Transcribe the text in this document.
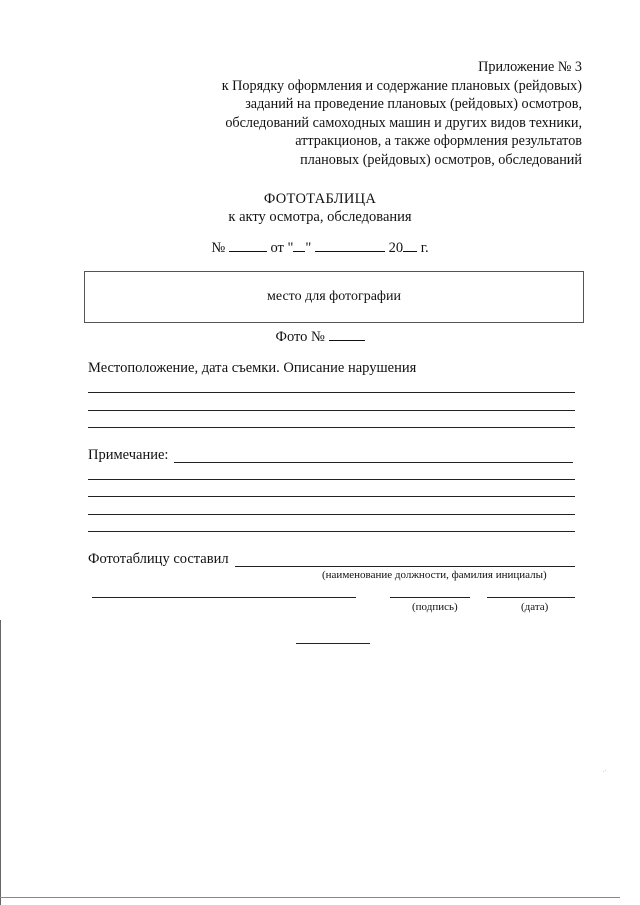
Приложение № 3
к Порядку оформления и содержание плановых (рейдовых)
заданий на проведение плановых (рейдовых) осмотров,
обследований самоходных машин и других видов техники,
аттракционов, а также оформления результатов
плановых (рейдовых) осмотров, обследований
ФОТОТАБЛИЦА
к акту осмотра, обследования
№	от " "	20 г.
место для фотографии
Фото №
Местоположение, дата съемки. Описание нарушения
Примечание:
Фототаблицу составил
(наименование должности, фамилия инициалы)
(подпись)	(дата)
.·
